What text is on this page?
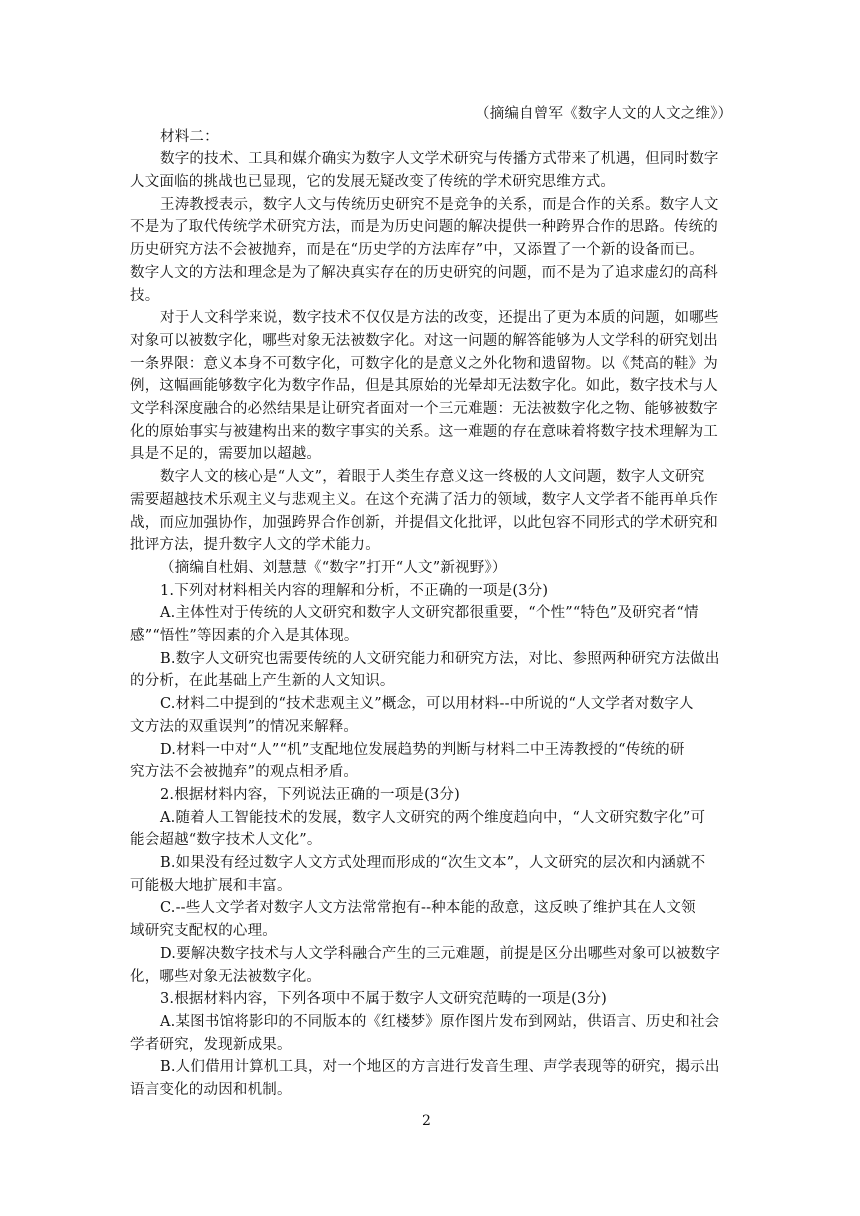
（摘编自曾军《数字人文的人文之维》）
材料二：
数字的技术、工具和媒介确实为数字人文学术研究与传播方式带来了机遇，但同时数字
人文面临的挑战也已显现，它的发展无疑改变了传统的学术研究思维方式。
王涛教授表示，数字人文与传统历史研究不是竞争的关系，而是合作的关系。数字人文
不是为了取代传统学术研究方法，而是为历史问题的解决提供一种跨界合作的思路。传统的
历史研究方法不会被抛弃，而是在“历史学的方法库存”中，又添置了一个新的设备而已。
数字人文的方法和理念是为了解决真实存在的历史研究的问题，而不是为了追求虚幻的高科
技。
对于人文科学来说，数字技术不仅仅是方法的改变，还提出了更为本质的问题，如哪些
对象可以被数字化，哪些对象无法被数字化。对这一问题的解答能够为人文学科的研究划出
一条界限：意义本身不可数字化，可数字化的是意义之外化物和遗留物。以《梵高的鞋》为
例，这幅画能够数字化为数字作品，但是其原始的光晕却无法数字化。如此，数字技术与人
文学科深度融合的必然结果是让研究者面对一个三元难题：无法被数字化之物、能够被数字
化的原始事实与被建构出来的数字事实的关系。这一难题的存在意味着将数字技术理解为工
具是不足的，需要加以超越。
数字人文的核心是“人文”，着眼于人类生存意义这一终极的人文问题，数字人文研究
需要超越技术乐观主义与悲观主义。在这个充满了活力的领域，数字人文学者不能再单兵作
战，而应加强协作，加强跨界合作创新，并提倡文化批评，以此包容不同形式的学术研究和
批评方法，提升数字人文的学术能力。
（摘编自杜娟、刘慧慧《“数字”打开“人文”新视野》）
1.下列对材料相关内容的理解和分析，不正确的一项是(3分)
A.主体性对于传统的人文研究和数字人文研究都很重要，“个性”“特色”及研究者“情
感”“悟性”等因素的介入是其体现。
B.数字人文研究也需要传统的人文研究能力和研究方法，对比、参照两种研究方法做出
的分析，在此基础上产生新的人文知识。
C.材料二中提到的“技术悲观主义”概念，可以用材料--中所说的“人文学者对数字人
文方法的双重误判”的情况来解释。
D.材料一中对“人”“机”支配地位发展趋势的判断与材料二中王涛教授的“传统的研
究方法不会被抛弃”的观点相矛盾。
2.根据材料内容，下列说法正确的一项是(3分)
A.随着人工智能技术的发展，数字人文研究的两个维度趋向中，“人文研究数字化”可
能会超越“数字技术人文化”。
B.如果没有经过数字人文方式处理而形成的“次生文本”，人文研究的层次和内涵就不
可能极大地扩展和丰富。
C.--些人文学者对数字人文方法常常抱有--种本能的敌意，这反映了维护其在人文领
域研究支配权的心理。
D.要解决数字技术与人文学科融合产生的三元难题，前提是区分出哪些对象可以被数字
化，哪些对象无法被数字化。
3.根据材料内容，下列各项中不属于数字人文研究范畴的一项是(3分)
A.某图书馆将影印的不同版本的《红楼梦》原作图片发布到网站，供语言、历史和社会
学者研究，发现新成果。
B.人们借用计算机工具，对一个地区的方言进行发音生理、声学表现等的研究，揭示出
语言变化的动因和机制。
2
